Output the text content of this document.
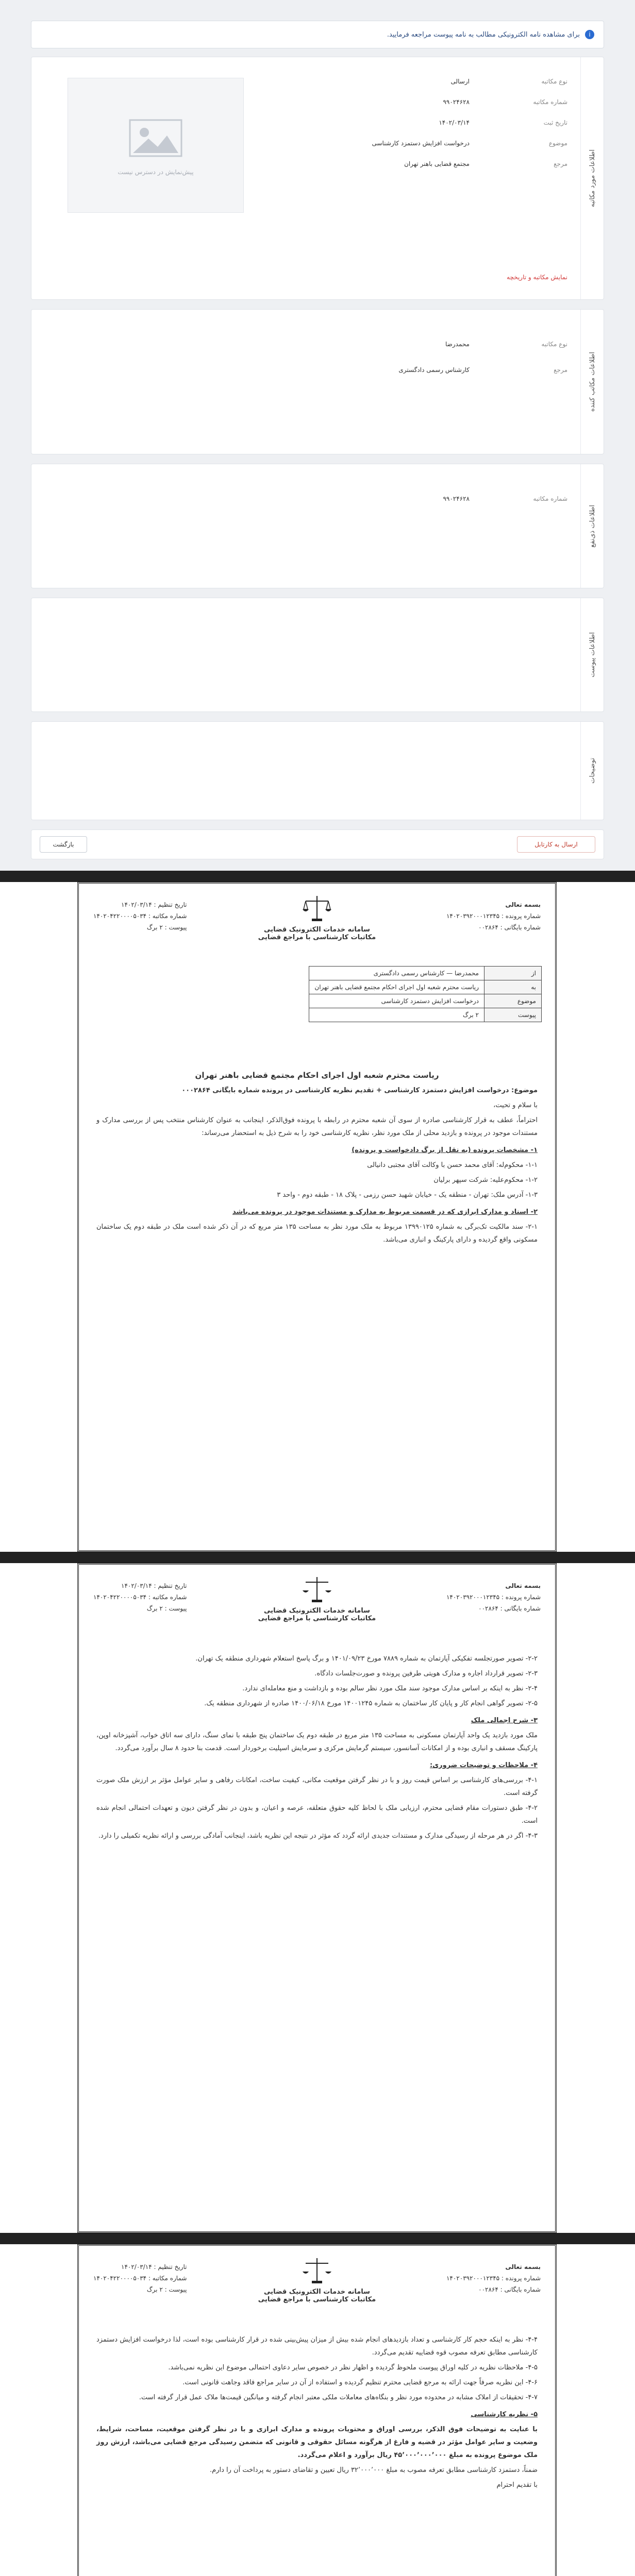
i
برای مشاهده نامه الکترونیکی مطالب به نامه پیوست مراجعه فرمایید.
اطلاعات مورد مکاتبه
پیش‌نمایش در دسترس نیست
نوع مکاتبه
ارسالی
شماره مکاتبه
۹۹۰۲۴۶۲۸
تاریخ ثبت
۱۴۰۲/۰۳/۱۴
موضوع
درخواست افزایش دستمزد کارشناسی
مرجع
مجتمع قضایی باهنر تهران
نمایش مکاتبه و تاریخچه
اطلاعات مکاتب کننده
نوع مکاتبه
محمدرضا
مرجع
کارشناس رسمی دادگستری
اطلاعات ذی‌نفع
شماره مکاتبه
۹۹۰۲۴۶۲۸
اطلاعات پیوست
توضیحات
ارسال به کارتابل
بازگشت
بسمه تعالی
شماره پرونده : ۱۴۰۲۰۳۹۲۰۰۰۱۲۳۴۵
شماره بایگانی : ۰۰۲۸۶۴
سامانه خدمات الکترونیک قضایی
مکاتبات کارشناسی با مراجع قضایی
تاریخ تنظیم : ۱۴۰۲/۰۳/۱۴
شماره مکاتبه : ۱۴۰۲۰۴۲۲۰۰۰۰۵۰۳۴
پیوست : ۲ برگ
از	محمدرضا — کارشناس رسمی دادگستری
به	ریاست محترم شعبه اول اجرای احکام مجتمع قضایی باهنر تهران
موضوع	درخواست افزایش دستمزد کارشناسی
پیوست	۲ برگ

ریاست محترم شعبه اول اجرای احکام مجتمع قضایی باهنر تهران

موضوع: درخواست افزایش دستمزد کارشناسی + تقدیم نظریه کارشناسی در پرونده شماره بایگانی ۰۰۰۲۸۶۴

با سلام و تحیت،

احتراماً، عطف به قرار کارشناسی صادره از سوی آن شعبه محترم در رابطه با پرونده فوق‌الذکر، اینجانب به عنوان کارشناس منتخب پس از بررسی مدارک و مستندات موجود در پرونده و بازدید محلی از ملک مورد نظر، نظریه کارشناسی خود را به شرح ذیل به استحضار می‌رساند:

۱- مشخصات پرونده (به نقل از برگ دادخواست و پرونده)

۱-۱- محکوم‌له: آقای محمد حسن با وکالت آقای مجتبی دانیالی

۱-۲- محکوم‌علیه: شرکت سپهر برلیان

۱-۳- آدرس ملک: تهران - منطقه یک - خیابان شهید حسن رزمی - پلاک ۱۸ - طبقه دوم - واحد ۳

۲- اسناد و مدارک ابرازی که در قسمت مربوط به مدارک و مستندات موجود در پرونده می‌باشد

۲-۱- سند مالکیت تک‌برگی به شماره ۱۳۹۹۰۱۲۵ مربوط به ملک مورد نظر به مساحت ۱۳۵ متر مربع که در آن ذکر شده است ملک در طبقه دوم یک ساختمان مسکونی واقع گردیده و دارای پارکینگ و انباری می‌باشد.

بسمه تعالی
شماره پرونده : ۱۴۰۲۰۳۹۲۰۰۰۱۲۳۴۵
شماره بایگانی : ۰۰۲۸۶۴
سامانه خدمات الکترونیک قضایی
مکاتبات کارشناسی با مراجع قضایی
تاریخ تنظیم : ۱۴۰۲/۰۳/۱۴
شماره مکاتبه : ۱۴۰۲۰۴۲۲۰۰۰۰۵۰۳۴
پیوست : ۲ برگ

۲-۲- تصویر صورتجلسه تفکیکی آپارتمان به شماره ۷۸۸۹ مورخ ۱۴۰۱/۰۹/۲۳ و برگ پاسخ استعلام شهرداری منطقه یک تهران.

۲-۳- تصویر قرارداد اجاره و مدارک هویتی طرفین پرونده و صورت‌جلسات دادگاه.

۲-۴- نظر به اینکه بر اساس مدارک موجود سند ملک مورد نظر سالم بوده و بازداشت و منع معامله‌ای ندارد.

۲-۵- تصویر گواهی انجام کار و پایان کار ساختمان به شماره ۱۴۰۰۱۲۴۵ مورخ ۱۴۰۰/۰۶/۱۸ صادره از شهرداری منطقه یک.

۳- شرح اجمالی ملک

ملک مورد بازدید یک واحد آپارتمان مسکونی به مساحت ۱۳۵ متر مربع در طبقه دوم یک ساختمان پنج طبقه با نمای سنگ، دارای سه اتاق خواب، آشپزخانه اوپن، پارکینگ مسقف و انباری بوده و از امکانات آسانسور، سیستم گرمایش مرکزی و سرمایش اسپلیت برخوردار است. قدمت بنا حدود ۸ سال برآورد می‌گردد.

۴- ملاحظات و توضیحات ضروری:

۴-۱- بررسی‌های کارشناسی بر اساس قیمت روز و با در نظر گرفتن موقعیت مکانی، کیفیت ساخت، امکانات رفاهی و سایر عوامل مؤثر بر ارزش ملک صورت گرفته است.

۴-۲- طبق دستورات مقام قضایی محترم، ارزیابی ملک با لحاظ کلیه حقوق متعلقه، عرصه و اعیان، و بدون در نظر گرفتن دیون و تعهدات احتمالی انجام شده است.

۴-۳- اگر در هر مرحله از رسیدگی مدارک و مستندات جدیدی ارائه گردد که مؤثر در نتیجه این نظریه باشد، اینجانب آمادگی بررسی و ارائه نظریه تکمیلی را دارد.

بسمه تعالی
شماره پرونده : ۱۴۰۲۰۳۹۲۰۰۰۱۲۳۴۵
شماره بایگانی : ۰۰۲۸۶۴
سامانه خدمات الکترونیک قضایی
مکاتبات کارشناسی با مراجع قضایی
تاریخ تنظیم : ۱۴۰۲/۰۳/۱۴
شماره مکاتبه : ۱۴۰۲۰۴۲۲۰۰۰۰۵۰۳۴
پیوست : ۲ برگ

۴-۴- نظر به اینکه حجم کار کارشناسی و تعداد بازدیدهای انجام شده بیش از میزان پیش‌بینی شده در قرار کارشناسی بوده است، لذا درخواست افزایش دستمزد کارشناسی مطابق تعرفه مصوب قوه قضاییه تقدیم می‌گردد.

۴-۵- ملاحظات نظریه در کلیه اوراق پیوست ملحوظ گردیده و اظهار نظر در خصوص سایر دعاوی احتمالی موضوع این نظریه نمی‌باشد.

۴-۶- این نظریه صرفاً جهت ارائه به مرجع قضایی محترم تنظیم گردیده و استفاده از آن در سایر مراجع فاقد وجاهت قانونی است.

۴-۷- تحقیقات از املاک مشابه در محدوده مورد نظر و بنگاه‌های معاملات ملکی معتبر انجام گرفته و میانگین قیمت‌ها ملاک عمل قرار گرفته است.

۵- نظریه کارشناسی

با عنایت به توضیحات فوق الذکر، بررسی اوراق و محتویات پرونده و مدارک ابرازی و با در نظر گرفتن موقعیت، مساحت، شرایط، وضعیت و سایر عوامل مؤثر در قضیه و فارغ از هرگونه مسائل حقوقی و قانونی که متضمن رسیدگی مرجع قضایی می‌باشد، ارزش روز ملک موضوع پرونده به مبلغ ۴۵٬۰۰۰٬۰۰۰٬۰۰۰ ریال برآورد و اعلام می‌گردد.

ضمناً، دستمزد کارشناسی مطابق تعرفه مصوب به مبلغ ۳۲٬۰۰۰٬۰۰۰ ریال تعیین و تقاضای دستور به پرداخت آن را دارم.

با تقدیم احترام
